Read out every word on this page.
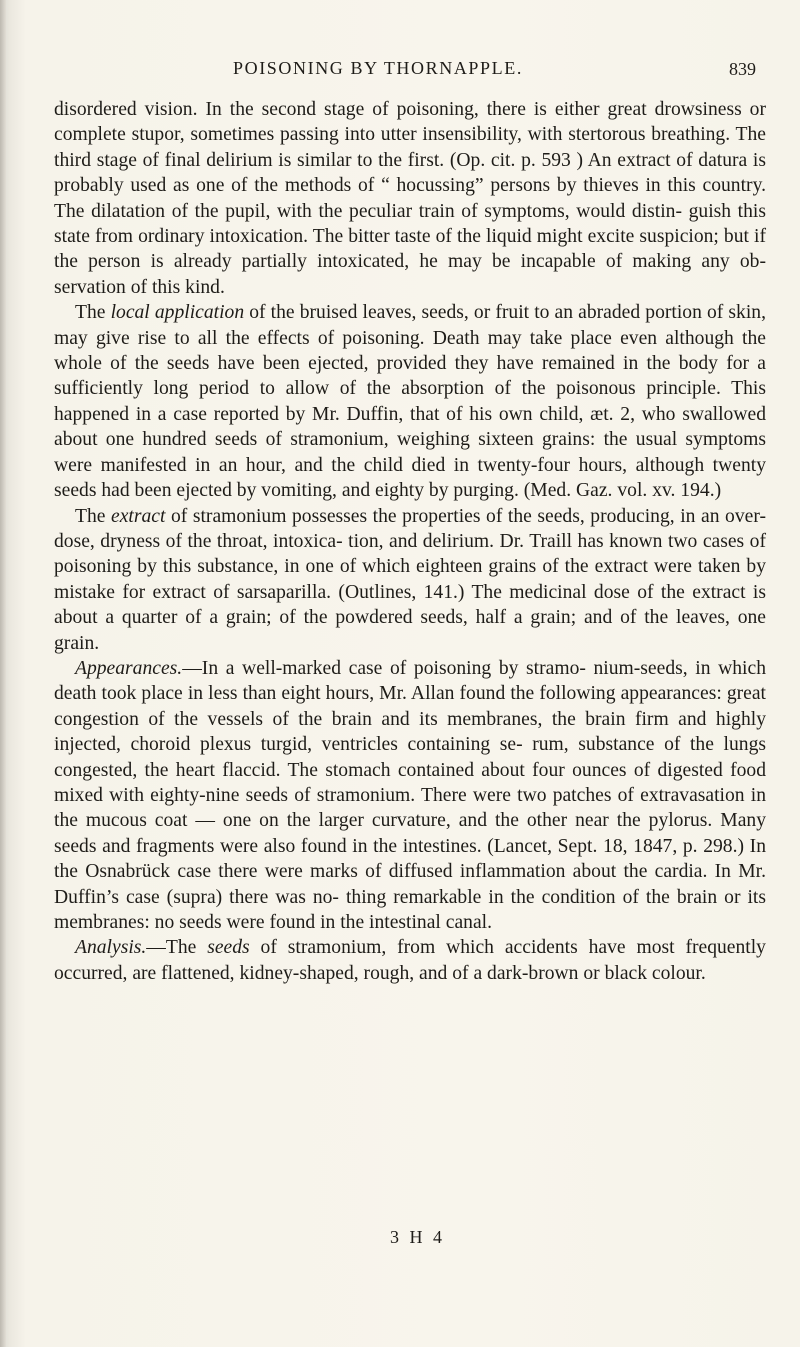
POISONING BY THORNAPPLE.	839

disordered vision. In the second stage of poisoning, there is either great drowsiness or complete stupor, sometimes passing into utter insensibility, with stertorous breathing. The third stage of final delirium is similar to the first. (Op. cit. p. 593 ) An extract of datura is probably used as one of the methods of “ hocussing” persons by thieves in this country. The dilatation of the pupil, with the peculiar train of symptoms, would distin- guish this state from ordinary intoxication. The bitter taste of the liquid might excite suspicion; but if the person is already partially intoxicated, he may be incapable of making any ob- servation of this kind.

The local application of the bruised leaves, seeds, or fruit to an abraded portion of skin, may give rise to all the effects of poisoning. Death may take place even although the whole of the seeds have been ejected, provided they have remained in the body for a sufficiently long period to allow of the absorption of the poisonous principle. This happened in a case reported by Mr. Duffin, that of his own child, æt. 2, who swallowed about one hundred seeds of stramonium, weighing sixteen grains: the usual symptoms were manifested in an hour, and the child died in twenty-four hours, although twenty seeds had been ejected by vomiting, and eighty by purging. (Med. Gaz. vol. xv. 194.)

The extract of stramonium possesses the properties of the seeds, producing, in an over-dose, dryness of the throat, intoxica- tion, and delirium. Dr. Traill has known two cases of poisoning by this substance, in one of which eighteen grains of the extract were taken by mistake for extract of sarsaparilla. (Outlines, 141.) The medicinal dose of the extract is about a quarter of a grain; of the powdered seeds, half a grain; and of the leaves, one grain.

Appearances.—In a well-marked case of poisoning by stramo- nium-seeds, in which death took place in less than eight hours, Mr. Allan found the following appearances: great congestion of the vessels of the brain and its membranes, the brain firm and highly injected, choroid plexus turgid, ventricles containing se- rum, substance of the lungs congested, the heart flaccid. The stomach contained about four ounces of digested food mixed with eighty-nine seeds of stramonium. There were two patches of extravasation in the mucous coat — one on the larger curvature, and the other near the pylorus. Many seeds and fragments were also found in the intestines. (Lancet, Sept. 18, 1847, p. 298.) In the Osnabrück case there were marks of diffused inflammation about the cardia. In Mr. Duffin’s case (supra) there was no- thing remarkable in the condition of the brain or its membranes: no seeds were found in the intestinal canal.

Analysis.—The seeds of stramonium, from which accidents have most frequently occurred, are flattened, kidney-shaped, rough, and of a dark-brown or black colour.

3 H 4
